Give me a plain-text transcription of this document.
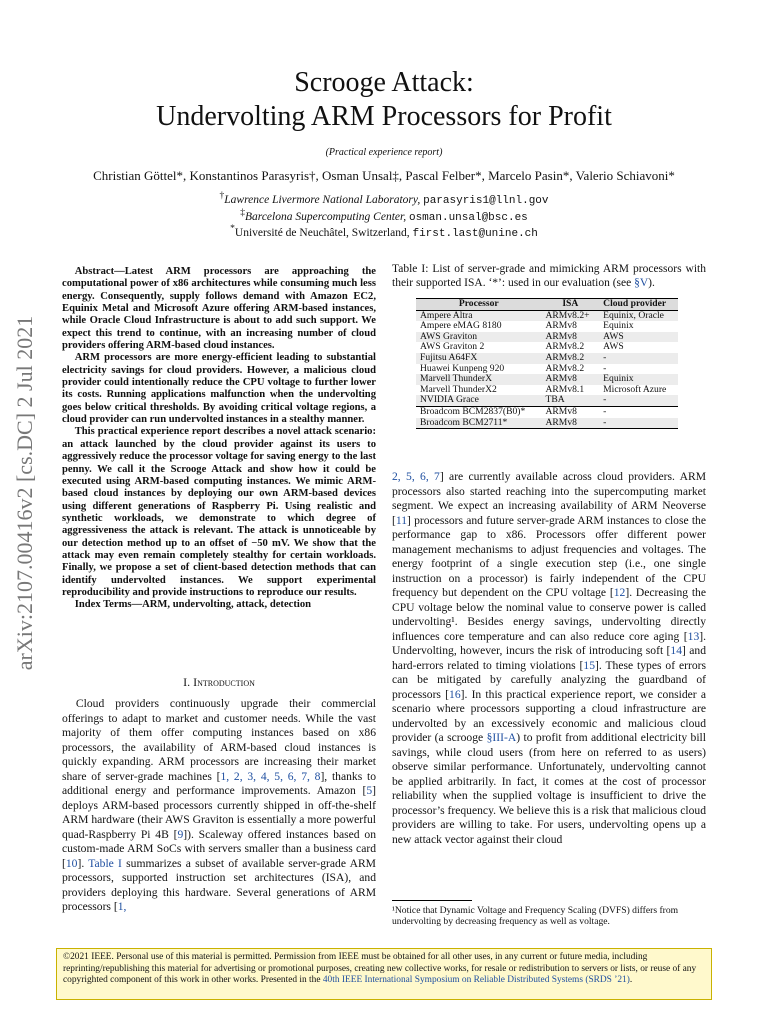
Scrooge Attack:
Undervolting ARM Processors for Profit
(Practical experience report)
Christian Göttel*, Konstantinos Parasyris†, Osman Unsal‡, Pascal Felber*, Marcelo Pasin*, Valerio Schiavoni*
†Lawrence Livermore National Laboratory, parasyris1@llnl.gov
‡Barcelona Supercomputing Center, osman.unsal@bsc.es
*Université de Neuchâtel, Switzerland, first.last@unine.ch
arXiv:2107.00416v2 [cs.DC] 2 Jul 2021

Abstract—Latest ARM processors are approaching the computational power of x86 architectures while consuming much less energy. Consequently, supply follows demand with Amazon EC2, Equinix Metal and Microsoft Azure offering ARM-based instances, while Oracle Cloud Infrastructure is about to add such support. We expect this trend to continue, with an increasing number of cloud providers offering ARM-based cloud instances.

ARM processors are more energy-efficient leading to substantial electricity savings for cloud providers. However, a malicious cloud provider could intentionally reduce the CPU voltage to further lower its costs. Running applications malfunction when the undervolting goes below critical thresholds. By avoiding critical voltage regions, a cloud provider can run undervolted instances in a stealthy manner.

This practical experience report describes a novel attack scenario: an attack launched by the cloud provider against its users to aggressively reduce the processor voltage for saving energy to the last penny. We call it the Scrooge Attack and show how it could be executed using ARM-based computing instances. We mimic ARM-based cloud instances by deploying our own ARM-based devices using different generations of Raspberry Pi. Using realistic and synthetic workloads, we demonstrate to which degree of aggressiveness the attack is relevant. The attack is unnoticeable by our detection method up to an offset of −50 mV. We show that the attack may even remain completely stealthy for certain workloads. Finally, we propose a set of client-based detection methods that can identify undervolted instances. We support experimental reproducibility and provide instructions to reproduce our results.

Index Terms—ARM, undervolting, attack, detection

I. Introduction

Cloud providers continuously upgrade their commercial offerings to adapt to market and customer needs. While the vast majority of them offer computing instances based on x86 processors, the availability of ARM-based cloud instances is quickly expanding. ARM processors are increasing their market share of server-grade machines [1, 2, 3, 4, 5, 6, 7, 8], thanks to additional energy and performance improvements. Amazon [5] deploys ARM-based processors currently shipped in off-the-shelf ARM hardware (their AWS Graviton is essentially a more powerful quad-Raspberry Pi 4B [9]). Scaleway offered instances based on custom-made ARM SoCs with servers smaller than a business card [10]. Table I summarizes a subset of available server-grade ARM processors, supported instruction set architectures (ISA), and providers deploying this hardware. Several generations of ARM processors [1,

Table I: List of server-grade and mimicking ARM processors with their supported ISA. ‘*’: used in our evaluation (see §V).
Processor	ISA	Cloud provider
Ampere Altra	ARMv8.2+	Equinix, Oracle
Ampere eMAG 8180	ARMv8	Equinix
AWS Graviton	ARMv8	AWS
AWS Graviton 2	ARMv8.2	AWS
Fujitsu A64FX	ARMv8.2	-
Huawei Kunpeng 920	ARMv8.2	-
Marvell ThunderX	ARMv8	Equinix
Marvell ThunderX2	ARMv8.1	Microsoft Azure
NVIDIA Grace	TBA	-
Broadcom BCM2837(B0)*	ARMv8	-
Broadcom BCM2711*	ARMv8	-

2, 5, 6, 7] are currently available across cloud providers. ARM processors also started reaching into the supercomputing market segment. We expect an increasing availability of ARM Neoverse [11] processors and future server-grade ARM instances to close the performance gap to x86. Processors offer different power management mechanisms to adjust frequencies and voltages. The energy footprint of a single execution step (i.e., one single instruction on a processor) is fairly independent of the CPU frequency but dependent on the CPU voltage [12]. Decreasing the CPU voltage below the nominal value to conserve power is called undervolting¹. Besides energy savings, undervolting directly influences core temperature and can also reduce core aging [13]. Undervolting, however, incurs the risk of introducing soft [14] and hard-errors related to timing violations [15]. These types of errors can be mitigated by carefully analyzing the guardband of processors [16]. In this practical experience report, we consider a scenario where processors supporting a cloud infrastructure are undervolted by an excessively economic and malicious cloud provider (a scrooge §III-A) to profit from additional electricity bill savings, while cloud users (from here on referred to as users) observe similar performance. Unfortunately, undervolting cannot be applied arbitrarily. In fact, it comes at the cost of processor reliability when the supplied voltage is insufficient to drive the processor’s frequency. We believe this is a risk that malicious cloud providers are willing to take. For users, undervolting opens up a new attack vector against their cloud

¹Notice that Dynamic Voltage and Frequency Scaling (DVFS) differs from undervolting by decreasing frequency as well as voltage.
©2021 IEEE. Personal use of this material is permitted. Permission from IEEE must be obtained for all other uses, in any current or future media, including reprinting/republishing this material for advertising or promotional purposes, creating new collective works, for resale or redistribution to servers or lists, or reuse of any copyrighted component of this work in other works. Presented in the 40th IEEE International Symposium on Reliable Distributed Systems (SRDS ’21).
